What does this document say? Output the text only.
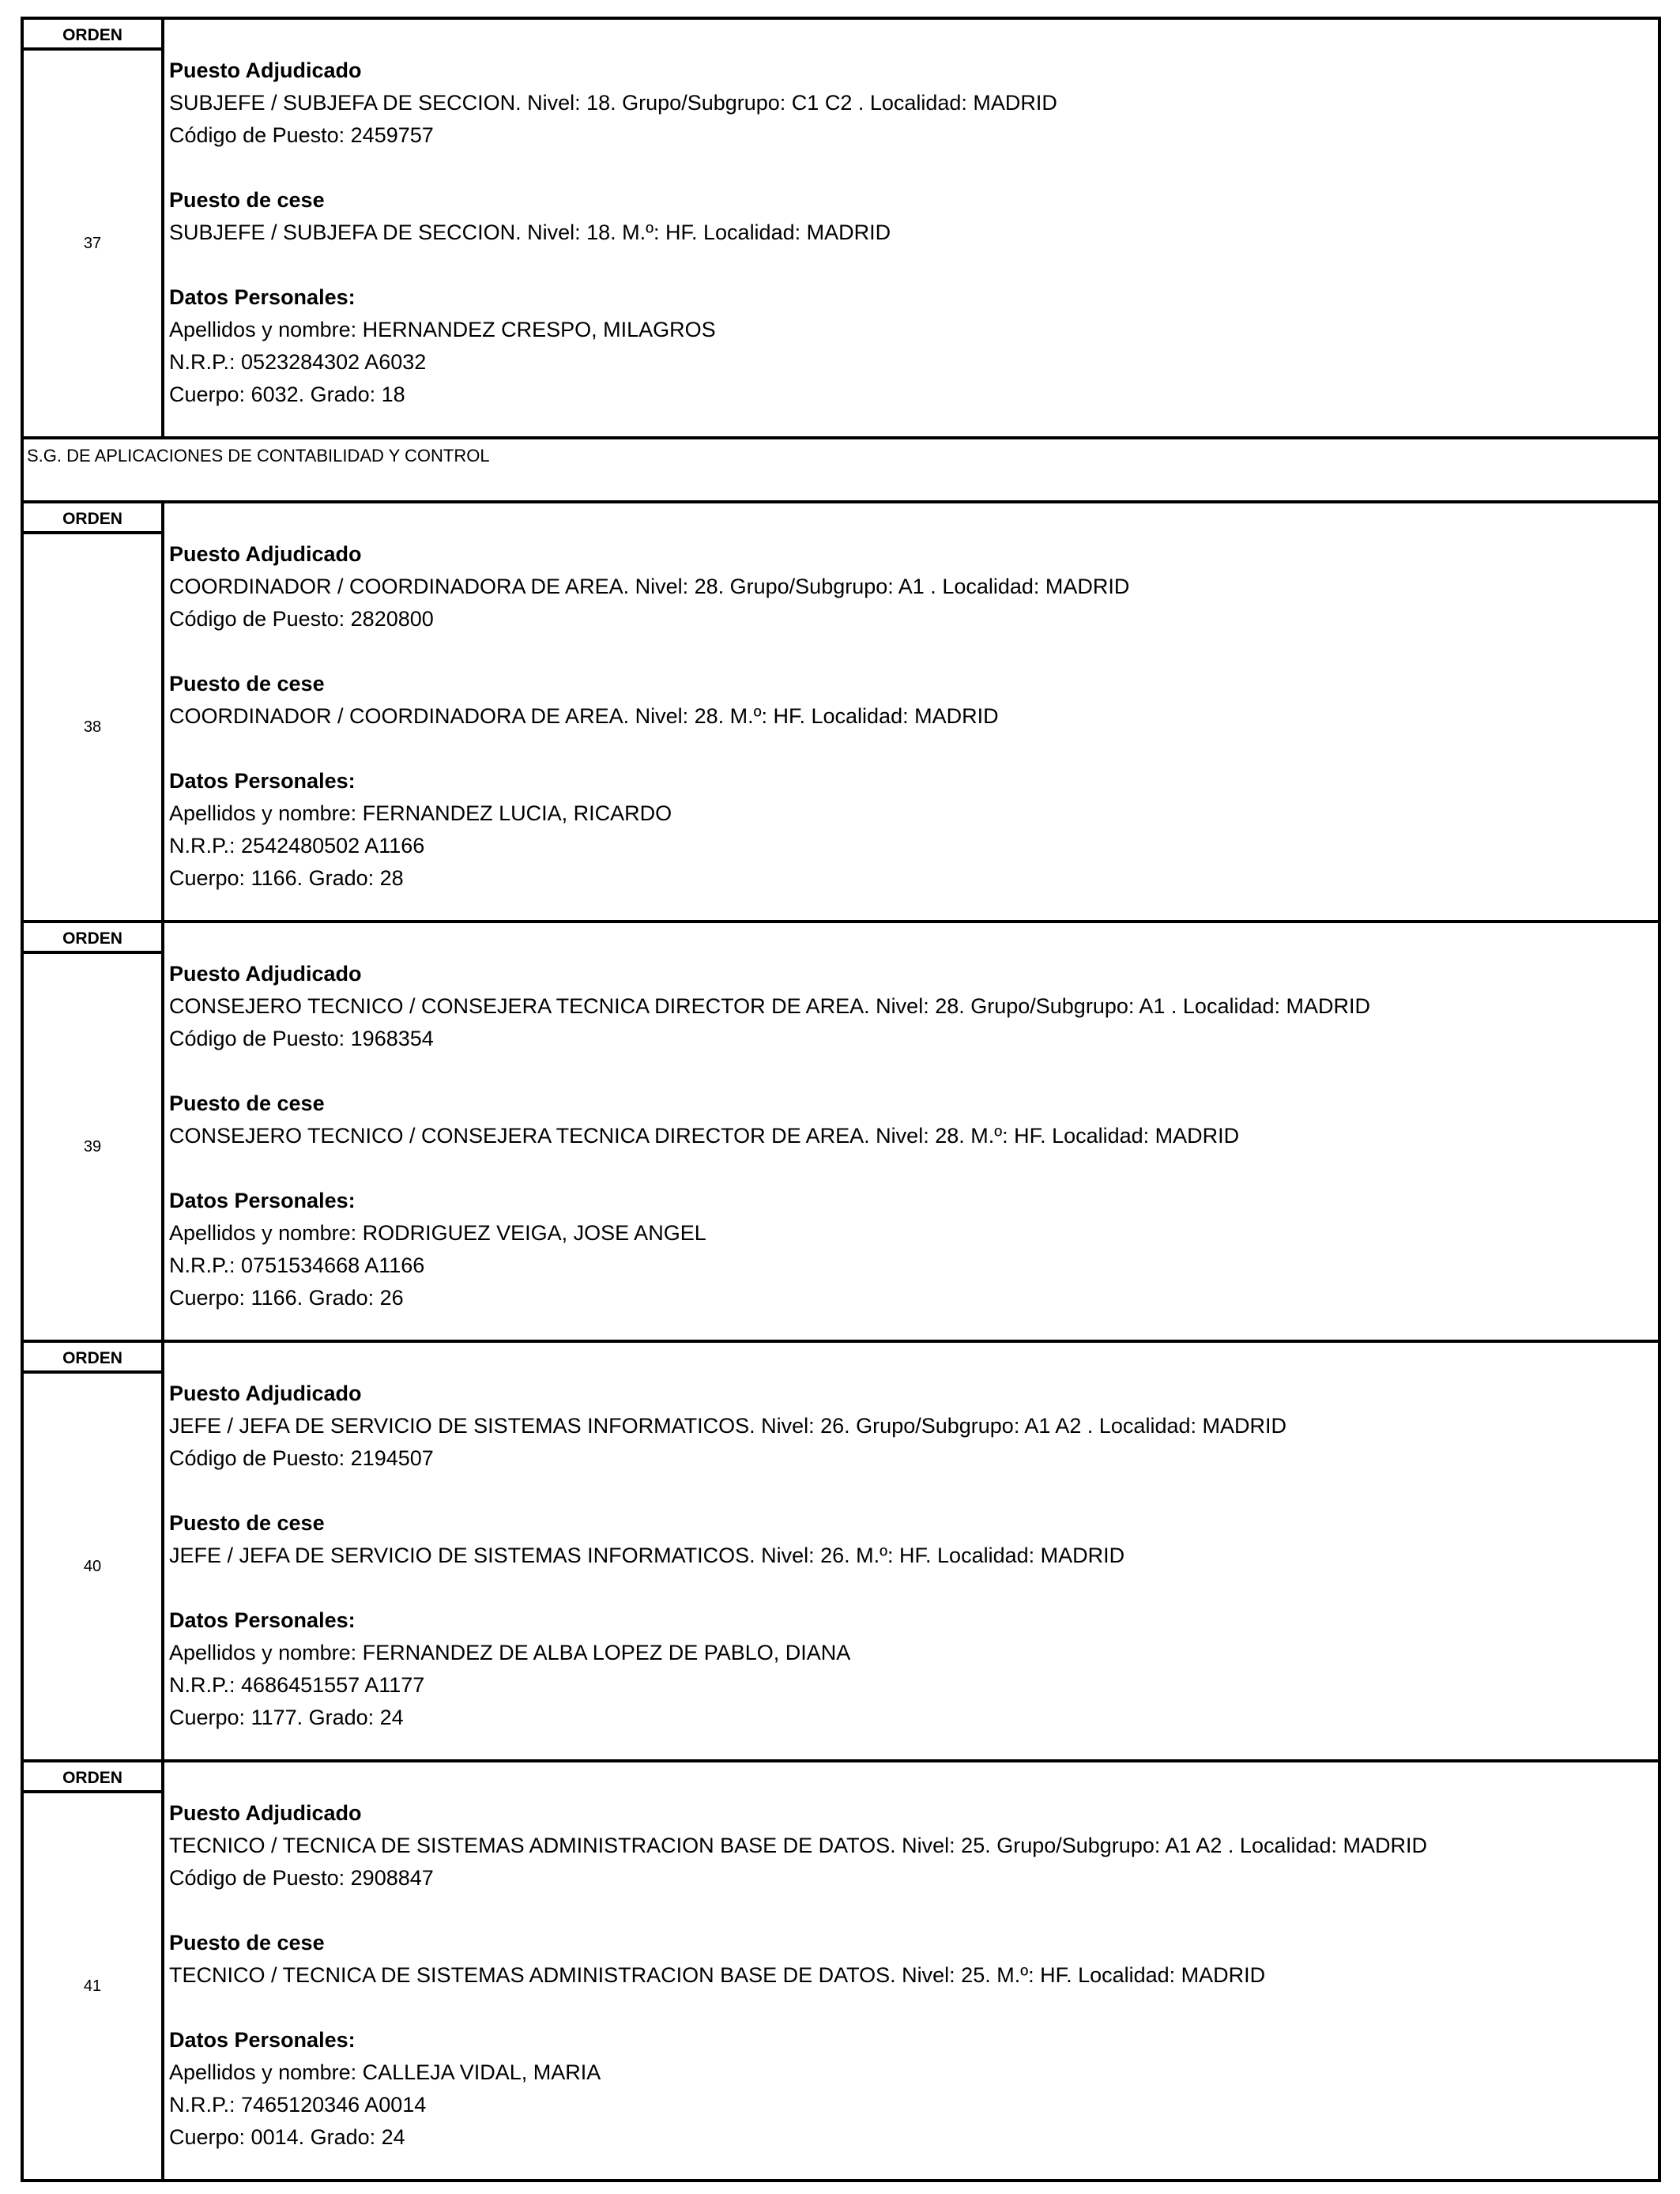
ORDEN
37
Puesto Adjudicado
SUBJEFE / SUBJEFA DE SECCION. Nivel: 18. Grupo/Subgrupo: C1 C2 . Localidad: MADRID
Código de Puesto: 2459757
Puesto de cese
SUBJEFE / SUBJEFA DE SECCION. Nivel: 18. M.º: HF. Localidad: MADRID
Datos Personales:
Apellidos y nombre: HERNANDEZ CRESPO, MILAGROS
N.R.P.: 0523284302 A6032
Cuerpo: 6032. Grado: 18
S.G. DE APLICACIONES DE CONTABILIDAD Y CONTROL
ORDEN
38
Puesto Adjudicado
COORDINADOR / COORDINADORA DE AREA. Nivel: 28. Grupo/Subgrupo: A1 . Localidad: MADRID
Código de Puesto: 2820800
Puesto de cese
COORDINADOR / COORDINADORA DE AREA. Nivel: 28. M.º: HF. Localidad: MADRID
Datos Personales:
Apellidos y nombre: FERNANDEZ LUCIA, RICARDO
N.R.P.: 2542480502 A1166
Cuerpo: 1166. Grado: 28
ORDEN
39
Puesto Adjudicado
CONSEJERO TECNICO / CONSEJERA TECNICA DIRECTOR DE AREA. Nivel: 28. Grupo/Subgrupo: A1 . Localidad: MADRID
Código de Puesto: 1968354
Puesto de cese
CONSEJERO TECNICO / CONSEJERA TECNICA DIRECTOR DE AREA. Nivel: 28. M.º: HF. Localidad: MADRID
Datos Personales:
Apellidos y nombre: RODRIGUEZ VEIGA, JOSE ANGEL
N.R.P.: 0751534668 A1166
Cuerpo: 1166. Grado: 26
ORDEN
40
Puesto Adjudicado
JEFE / JEFA DE SERVICIO DE SISTEMAS INFORMATICOS. Nivel: 26. Grupo/Subgrupo: A1 A2 . Localidad: MADRID
Código de Puesto: 2194507
Puesto de cese
JEFE / JEFA DE SERVICIO DE SISTEMAS INFORMATICOS. Nivel: 26. M.º: HF. Localidad: MADRID
Datos Personales:
Apellidos y nombre: FERNANDEZ DE ALBA LOPEZ DE PABLO, DIANA
N.R.P.: 4686451557 A1177
Cuerpo: 1177. Grado: 24
ORDEN
41
Puesto Adjudicado
TECNICO / TECNICA DE SISTEMAS ADMINISTRACION BASE DE DATOS. Nivel: 25. Grupo/Subgrupo: A1 A2 . Localidad: MADRID
Código de Puesto: 2908847
Puesto de cese
TECNICO / TECNICA DE SISTEMAS ADMINISTRACION BASE DE DATOS. Nivel: 25. M.º: HF. Localidad: MADRID
Datos Personales:
Apellidos y nombre: CALLEJA VIDAL, MARIA
N.R.P.: 7465120346 A0014
Cuerpo: 0014. Grado: 24
